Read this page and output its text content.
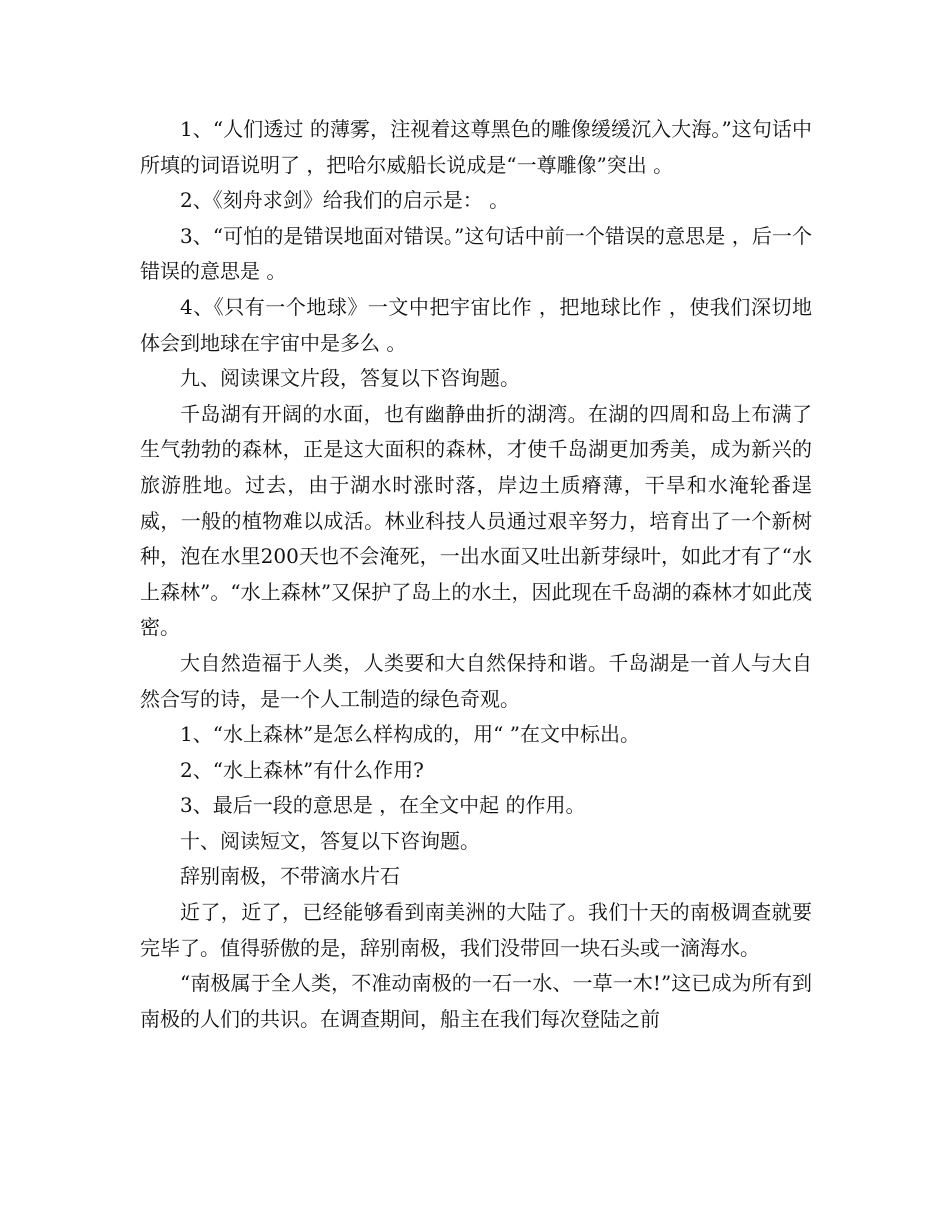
1、“人们透过 的薄雾，注视着这尊黑色的雕像缓缓沉入大海。”这句话中所填的词语说明了 ，把哈尔威船长说成是“一尊雕像”突出 。

2、《刻舟求剑》给我们的启示是： 。

3、“可怕的是错误地面对错误。”这句话中前一个错误的意思是 ，后一个错误的意思是 。

4、《只有一个地球》一文中把宇宙比作 ，把地球比作 ，使我们深切地体会到地球在宇宙中是多么 。

九、阅读课文片段，答复以下咨询题。

千岛湖有开阔的水面，也有幽静曲折的湖湾。在湖的四周和岛上布满了生气勃勃的森林，正是这大面积的森林，才使千岛湖更加秀美，成为新兴的旅游胜地。过去，由于湖水时涨时落，岸边土质瘠薄，干旱和水淹轮番逞威，一般的植物难以成活。林业科技人员通过艰辛努力，培育出了一个新树种，泡在水里200天也不会淹死，一出水面又吐出新芽绿叶，如此才有了“水上森林”。“水上森林”又保护了岛上的水土，因此现在千岛湖的森林才如此茂密。

大自然造福于人类，人类要和大自然保持和谐。千岛湖是一首人与大自然合写的诗，是一个人工制造的绿色奇观。

1、“水上森林”是怎么样构成的，用“ ”在文中标出。

2、“水上森林”有什么作用?

3、最后一段的意思是 ，在全文中起 的作用。

十、阅读短文，答复以下咨询题。

辞别南极，不带滴水片石

近了，近了，已经能够看到南美洲的大陆了。我们十天的南极调查就要完毕了。值得骄傲的是，辞别南极，我们没带回一块石头或一滴海水。

“南极属于全人类，不准动南极的一石一水、一草一木!”这已成为所有到南极的人们的共识。在调查期间，船主在我们每次登陆之前
